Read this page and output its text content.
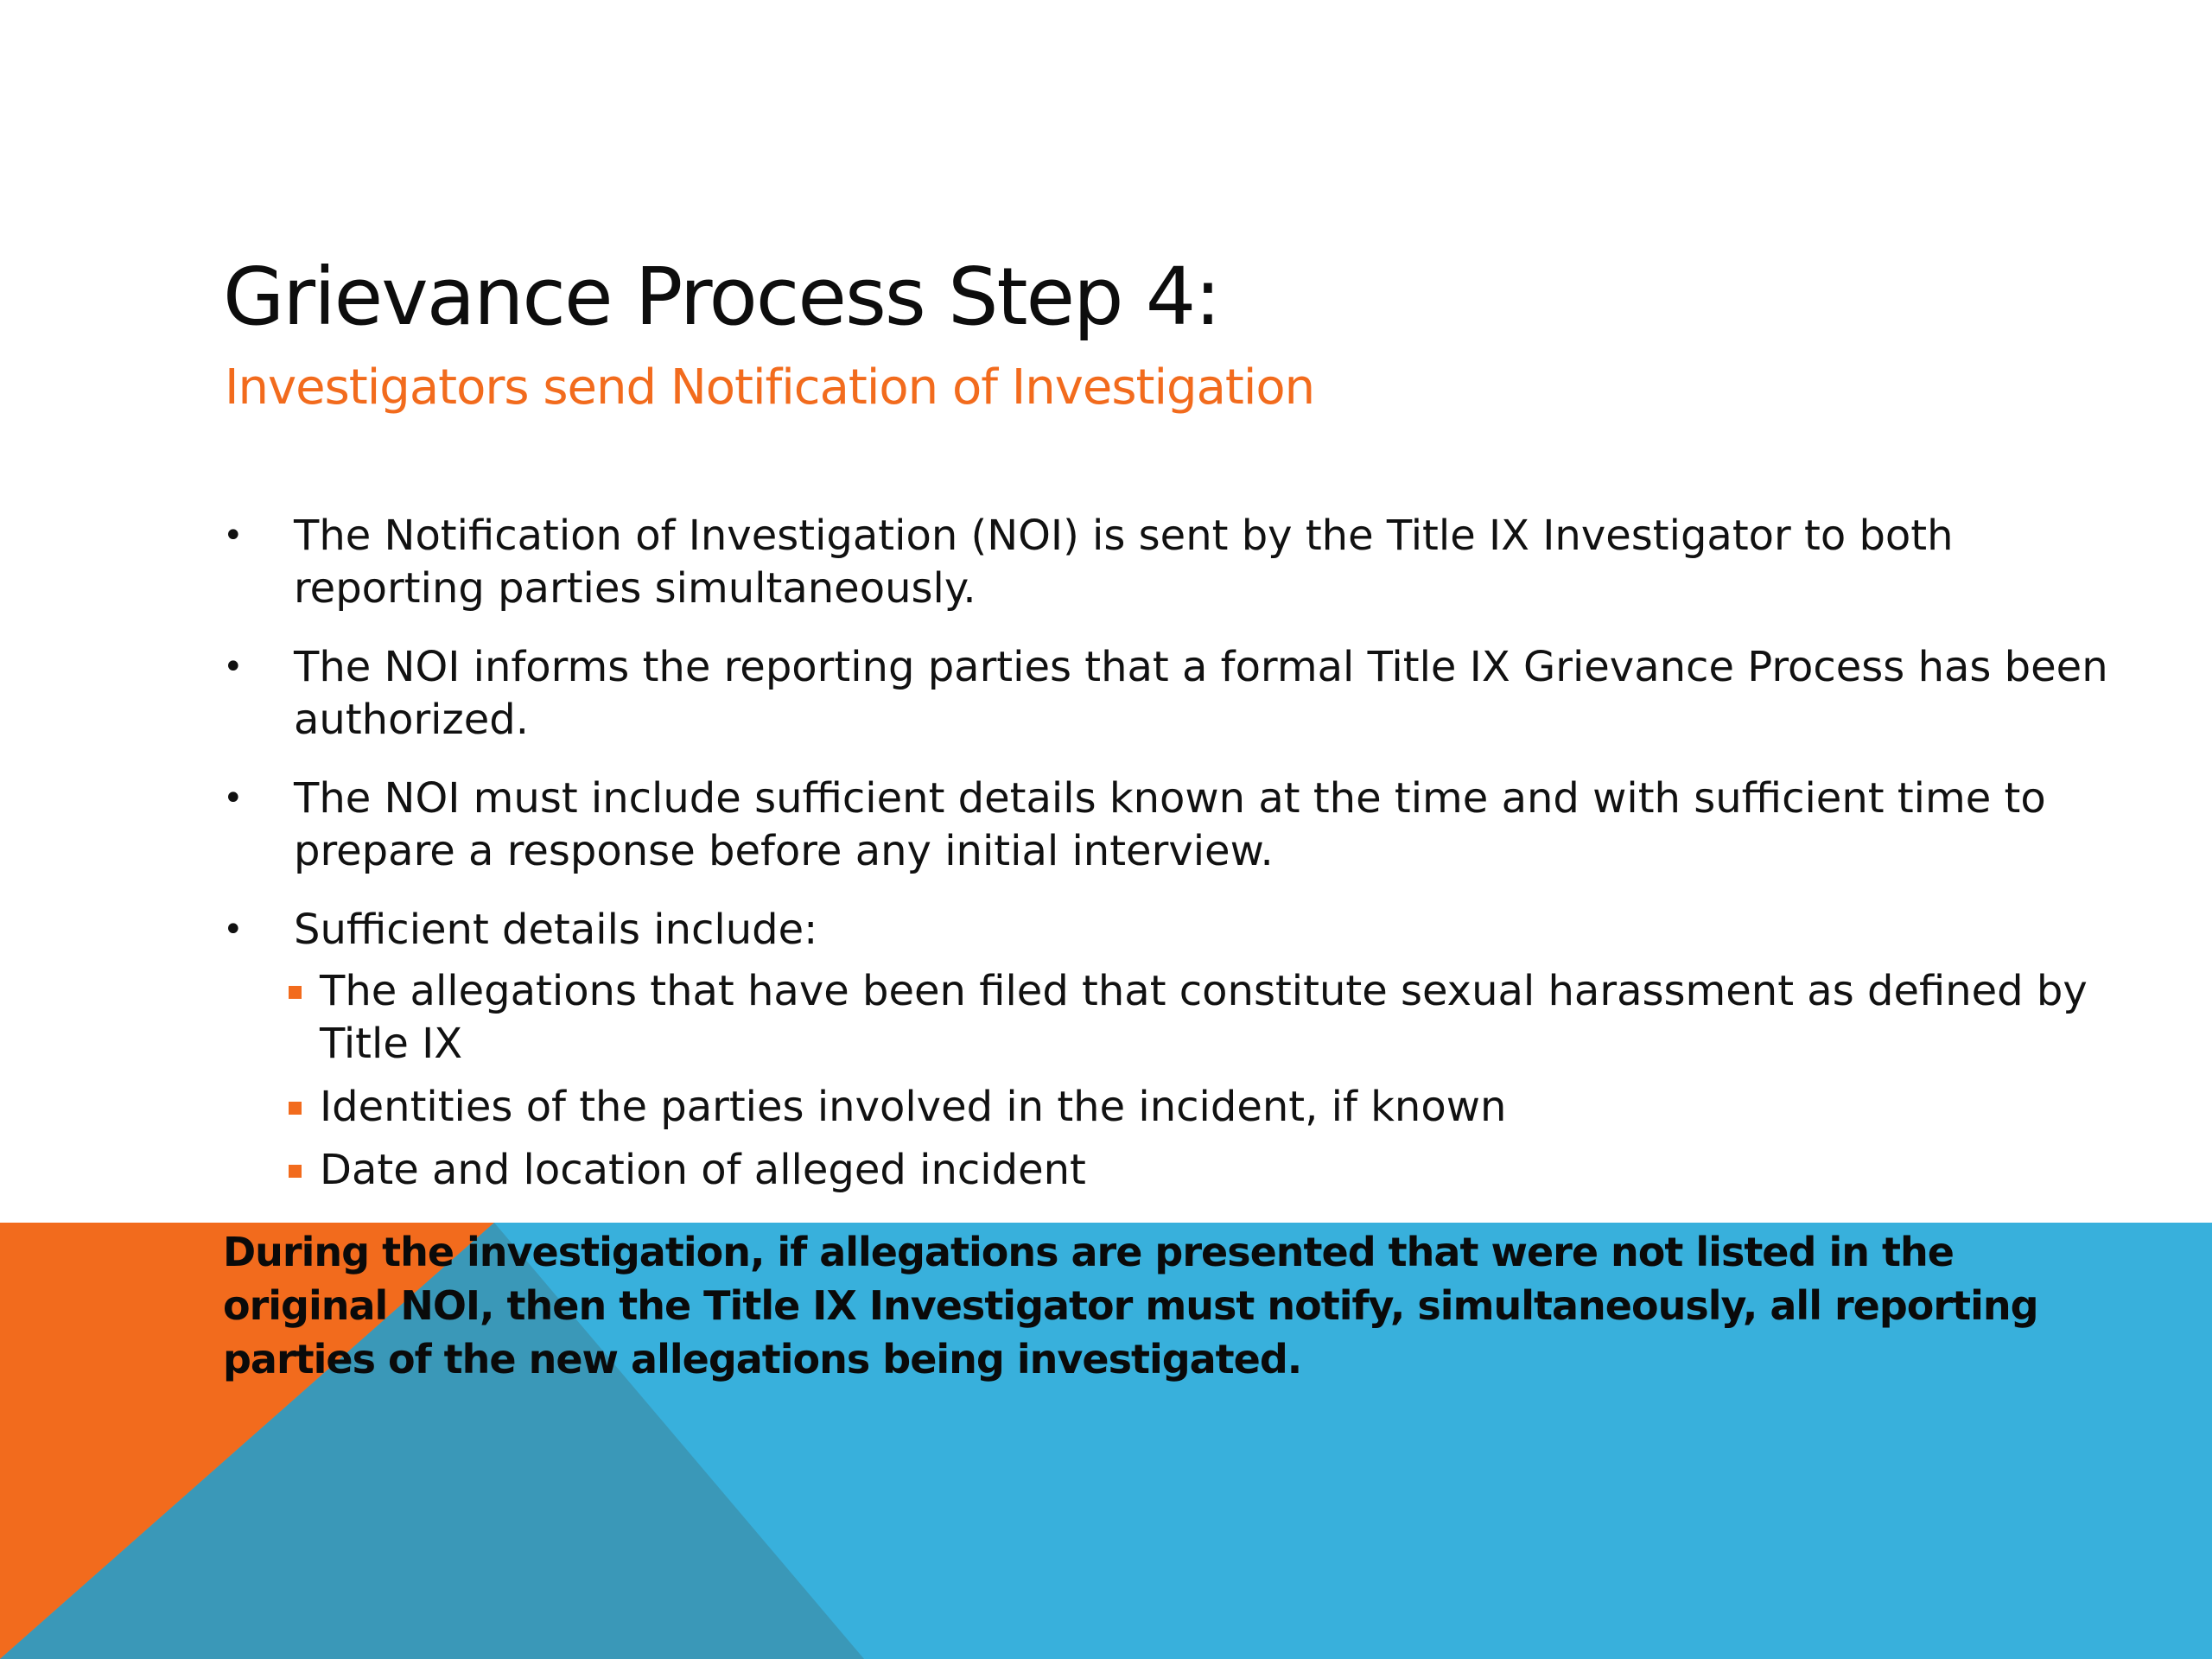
Grievance Process Step 4:
Investigators send Notification of Investigation
• The Notification of Investigation (NOI) is sent by the Title IX Investigator to both reporting parties simultaneously.
• The NOI informs the reporting parties that a formal Title IX Grievance Process has been authorized.
• The NOI must include sufficient details known at the time and with sufficient time to prepare a response before any initial interview.
• Sufficient details include:
The allegations that have been filed that constitute sexual harassment as defined by Title IX
Identities of the parties involved in the incident, if known
Date and location of alleged incident

During the investigation, if allegations are presented that were not listed in the original NOI, then the Title IX Investigator must notify, simultaneously, all reporting parties of the new allegations being investigated.
